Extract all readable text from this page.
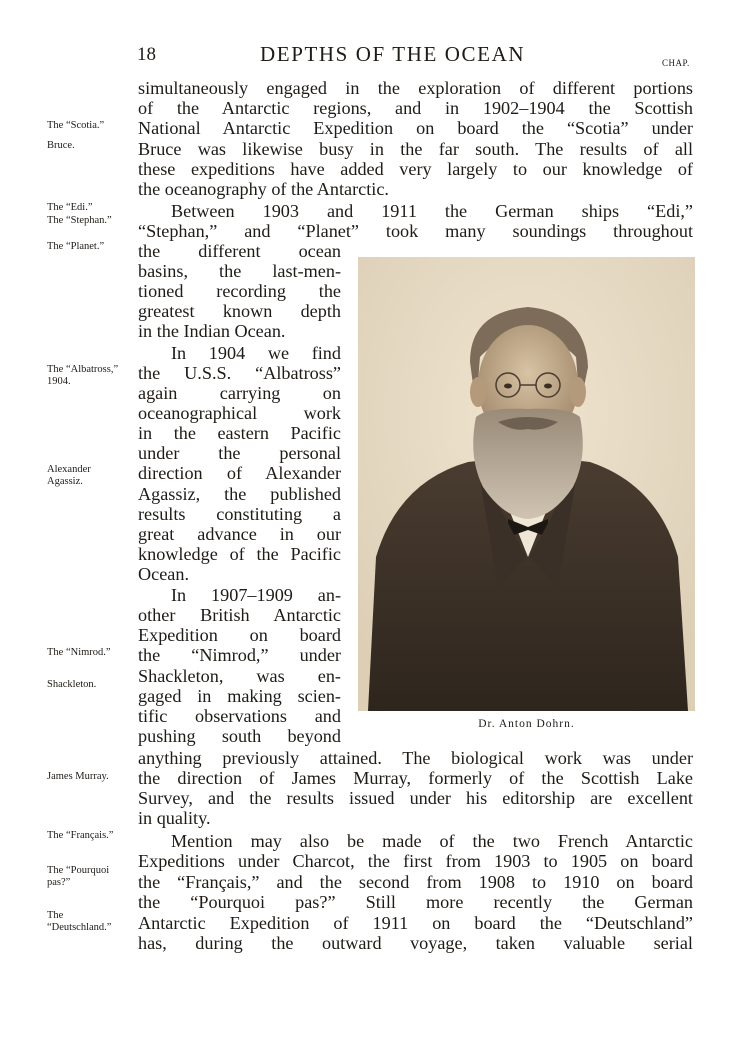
18	DEPTHS OF THE OCEAN	CHAP.
The “Scotia.”
Bruce.
The “Edi.”
The “Stephan.”
The “Planet.”
The “Albatross,” 1904.
Alexander Agassiz.
The “Nimrod.”
Shackleton.
James Murray.
The “Français.”
The “Pourquoi pas?”
The “Deutschland.”
simultaneously engaged in the exploration of different portions
of the Antarctic regions, and in 1902–1904 the Scottish
National Antarctic Expedition on board the “Scotia” under
Bruce was likewise busy in the far south. The results of all
these expeditions have added very largely to our knowledge of
the oceanography of the Antarctic.
Between 1903 and 1911 the German ships “Edi,”
“Stephan,” and “Planet” took many soundings throughout
the different ocean
basins, the last-men-
tioned recording the
greatest known depth
in the Indian Ocean.
In 1904 we find
the U.S.S. “Albatross”
again carrying on
oceanographical work
in the eastern Pacific
under the personal
direction of Alexander
Agassiz, the published
results constituting a
great advance in our
knowledge of the Pacific
Ocean.
In 1907–1909 an-
other British Antarctic
Expedition on board
the “Nimrod,” under
Shackleton, was en-
gaged in making scien-
tific observations and
pushing south beyond
anything previously attained. The biological work was under
the direction of James Murray, formerly of the Scottish Lake
Survey, and the results issued under his editorship are excellent
in quality.
Mention may also be made of the two French Antarctic
Expeditions under Charcot, the first from 1903 to 1905 on board
the “Français,” and the second from 1908 to 1910 on board
the “Pourquoi pas?” Still more recently the German
Antarctic Expedition of 1911 on board the “Deutschland”
has, during the outward voyage, taken valuable serial
Dr. Anton Dohrn.
